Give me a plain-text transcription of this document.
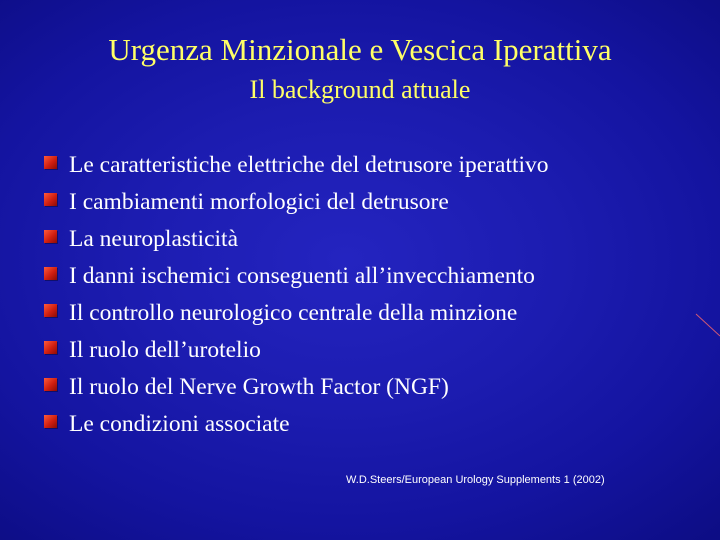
Urgenza Minzionale e Vescica Iperattiva
Il background attuale
Le caratteristiche elettriche del detrusore iperattivo
I cambiamenti morfologici del detrusore
La neuroplasticità
I danni ischemici conseguenti all’invecchiamento
Il controllo neurologico centrale della minzione
Il ruolo dell’urotelio
Il ruolo del Nerve Growth Factor (NGF)
Le condizioni associate
W.D.Steers/European Urology Supplements 1 (2002)
